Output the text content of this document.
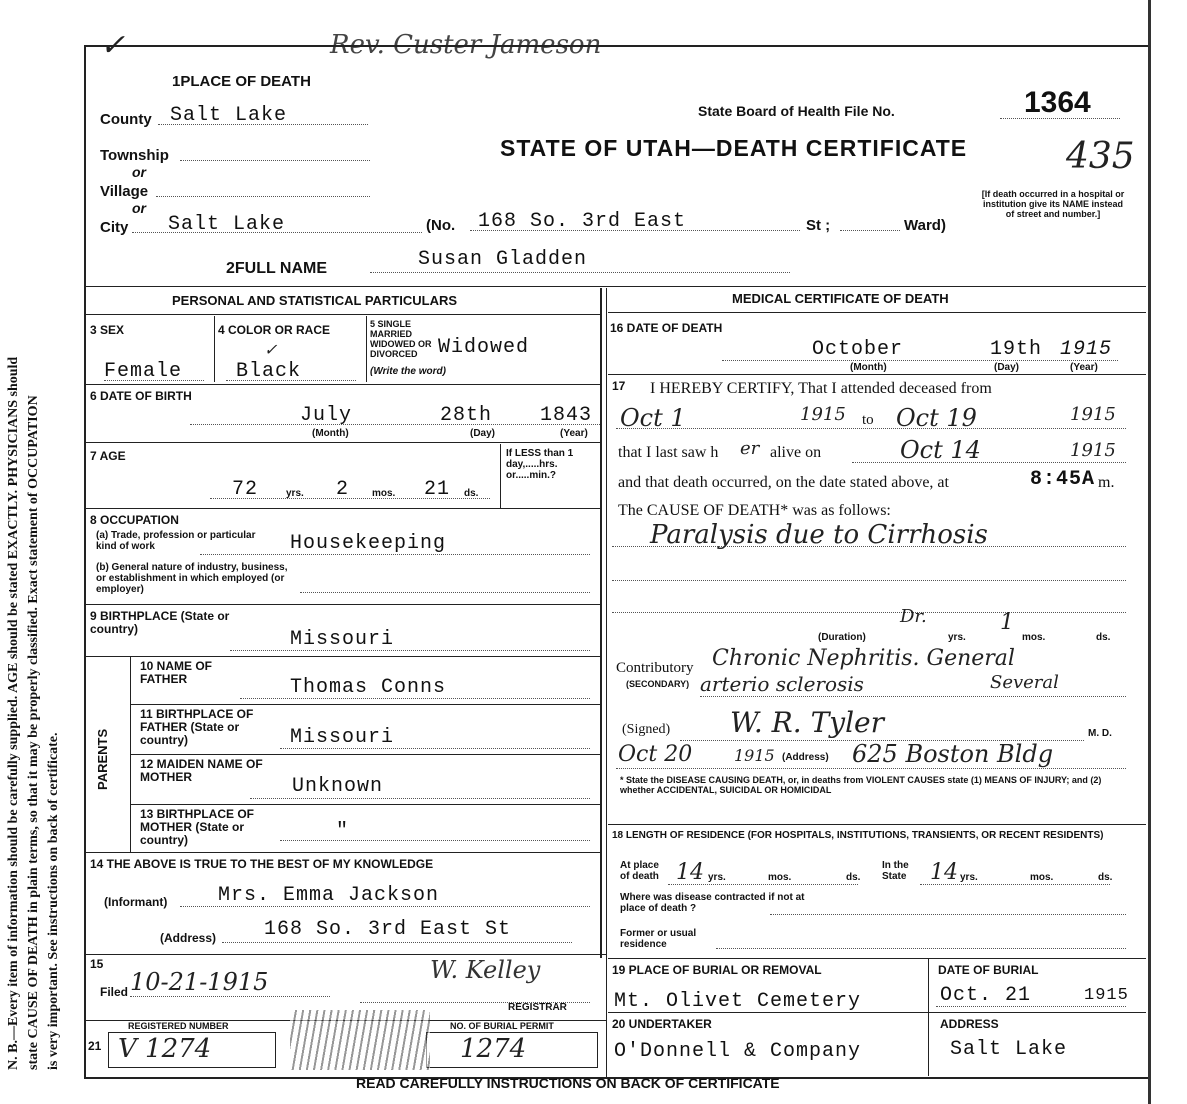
Rev. Custer Jameson
✓
N. B.—Every item of information should be carefully supplied. AGE should be stated EXACTLY. PHYSICIANS should state CAUSE OF DEATH in plain terms, so that it may be properly classified. Exact statement of OCCUPATION is very important. See instructions on back of certificate.
1PLACE OF DEATH
State Board of Health File No.	1364
STATE OF UTAH—DEATH CERTIFICATE	435
[If death occurred in a hospital or institution give its NAME instead of street and number.]
County Salt Lake
Township
or
Village
or
City Salt Lake	(No. 168 So. 3rd East	St ;	Ward)
2FULL NAME	Susan Gladden
PERSONAL AND STATISTICAL PARTICULARS	MEDICAL CERTIFICATE OF DEATH
3 SEX
Female
4 COLOR OR RACE
✓
Black
5 SINGLE MARRIED WIDOWED OR DIVORCED	Widowed
(Write the word)
6 DATE OF BIRTH
July	28th 1843
(Month)	(Day)	(Year)
7 AGE
72	yrs. 2 mos. 21 ds.
If LESS than 1 day,.....hrs. or.....min.?
8 OCCUPATION
(a) Trade, profession or particular kind of work	Housekeeping
(b) General nature of industry, business, or establishment in which employed (or employer)
9 BIRTHPLACE (State or country)	Missouri
PARENTS
10 NAME OF FATHER	Thomas Conns
11 BIRTHPLACE OF FATHER (State or country)	Missouri
12 MAIDEN NAME OF MOTHER	Unknown
13 BIRTHPLACE OF MOTHER (State or country)	"
14 THE ABOVE IS TRUE TO THE BEST OF MY KNOWLEDGE
(Informant)	Mrs. Emma Jackson
(Address) 168 So. 3rd East St
15
Filed 10-21-1915	W. Kelley
REGISTRAR
REGISTERED NUMBER	NO. OF BURIAL PERMIT
21 V 1274	1274
16 DATE OF DEATH
October	19th 1915
(Month)	(Day)	(Year)
17 I HEREBY CERTIFY, That I attended deceased from
Oct 1	1915 to Oct 19	1915
that I last saw h er alive on	Oct 14	1915
and that death occurred, on the date stated above, at	8:45A m.
The CAUSE OF DEATH* was as follows:
Paralysis due to Cirrhosis
Dr.	1
(Duration)	yrs.	mos.	ds.
Contributory
(SECONDARY)
Chronic Nephritis. General
arterio sclerosis	Several
(Signed) W. R. Tyler	M. D.
Oct 20	1915 (Address) 625 Boston Bldg
* State the DISEASE CAUSING DEATH, or, in deaths from VIOLENT CAUSES state (1) MEANS OF INJURY; and (2) whether ACCIDENTAL, SUICIDAL OR HOMICIDAL
18 LENGTH OF RESIDENCE (FOR HOSPITALS, INSTITUTIONS, TRANSIENTS, OR RECENT RESIDENTS)
At place of death 14 yrs.	mos.	ds.
In the State	14 yrs.	mos.	ds.
Where was disease contracted if not at place of death ?
Former or usual residence
19 PLACE OF BURIAL OR REMOVAL
Mt. Olivet Cemetery
DATE OF BURIAL
Oct. 21	1915
20 UNDERTAKER
O'Donnell & Company
ADDRESS
Salt Lake
READ CAREFULLY INSTRUCTIONS ON BACK OF CERTIFICATE
